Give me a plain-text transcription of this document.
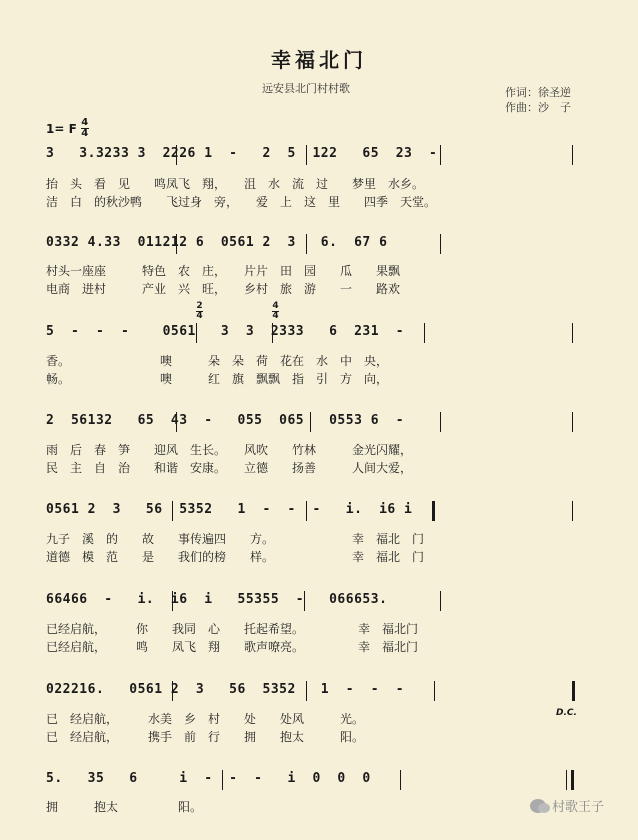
幸福北门
远安县北门村村歌	作词：徐圣逆
作曲：沙　子
1= F 4
4
3   3.3233 3  2226 1  -   2  5  122   65  23  -
抬　头　看　见　　鸣凤飞　翔，　　沮　水　流　过　　梦里　水乡。
洁　白　的秋沙鸭　　飞过身　旁，　　爱　上　这　里　　四季　天堂。
0332 4.33  011212 6  0561 2  3   6.  67 6
村头一座座　　　特色　农　庄，　　片片　田　园　　瓜　　果飘
电商　进村　　　产业　兴　旺，　　乡村　旅　游　　一　　路欢
2
4
4
4
5  -  -  -    0561   3  3  2333   6  231  -
香。　　　　　　　　噢　　　朵　朵　荷　花在　水　中　央，
畅。　　　　　　　　噢　　　红　旗　飘飘　指　引　方　向，
2  56132   65  43  -   055  065   0553 6  -
雨　后　春　笋　　迎风　生长。　　风吹　　竹林　　　金光闪耀，
民　主　自　治　　和谐　安康。　　立德　　扬善　　　人间大爱，
0561 2  3   56  5352   1  -  -  -   i.  i6 i
九子　溪　的　　故　　事传遍四　　方。　　　　　　　幸　福北　门
道德　模　范　　是　　我们的榜　　样。　　　　　　　幸　福北　门
66466  -   i.  i6  i   55355  -   066653.
已经启航，　　　你　　我同　心　　托起希望。　　　　　幸　福北门
已经启航，　　　鸣　　凤飞　翔　　歌声嘹亮。　　　　　幸　福北门
022216.   0561 2  3   56  5352   1  -  -  -
D.C.
已　经启航，　　　水美　乡　村　　处　　处风　　　光。
已　经启航，　　　携手　前　行　　拥　　抱太　　　阳。
5.   35   6     i  -  -  -   i  0  0  0
拥　　　抱太　　　　　阳。	村歌王子
